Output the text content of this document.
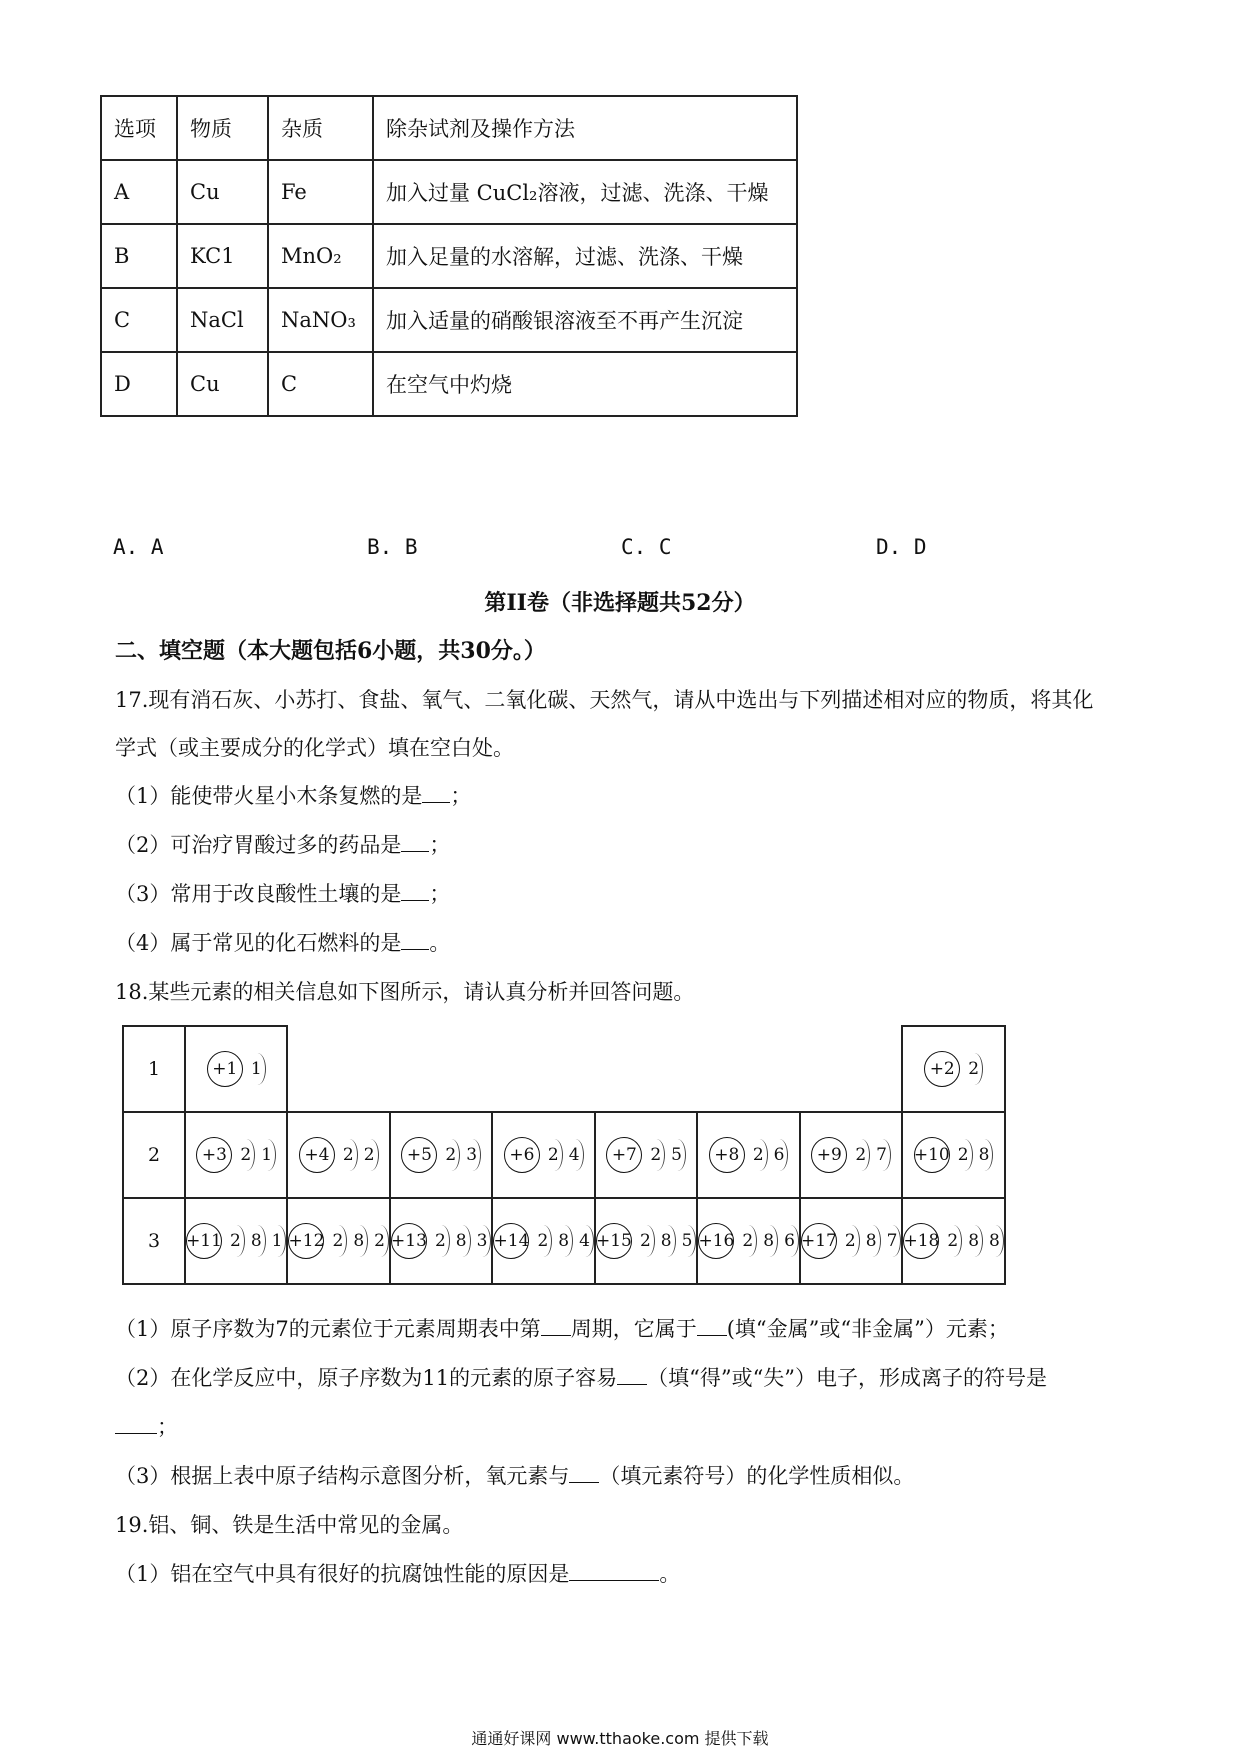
选项	物质	杂质	除杂试剂及操作方法
A	Cu	Fe	加入过量 CuCl₂溶液，过滤、洗涤、干燥
B	KC1	MnO₂	加入足量的水溶解，过滤、洗涤、干燥
C	NaCl	NaNO₃	加入适量的硝酸银溶液至不再产生沉淀
D	Cu	C	在空气中灼烧
A. A	B. B	C. C	D. D
第II卷（非选择题共52分）
二、填空题（本大题包括6小题，共30分。）
17.现有消石灰、小苏打、食盐、氧气、二氧化碳、天然气，请从中选出与下列描述相对应的物质，将其化
学式（或主要成分的化学式）填在空白处。
（1）能使带火星小木条复燃的是 ；
（2）可治疗胃酸过多的药品是 ；
（3）常用于改良酸性土壤的是 ；
（4）属于常见的化石燃料的是 。
18.某些元素的相关信息如下图所示，请认真分析并回答问题。
1	+1 1							+2 2

2	+3 2 1	+4 2 2	+5 2 3	+6 2 4	+7 2 5	+8 2 6	+9 2 7	+10 2 8

3	+11 2 8 1	+12 2 8 2	+13 2 8 3	+14 2 8 4	+15 2 8 5	+16 2 8 6	+17 2 8 7	+18 2 8 8
（1）原子序数为7的元素位于元素周期表中第 周期，它属于 (填“金属”或“非金属”）元素；
（2）在化学反应中，原子序数为11的元素的原子容易 （填“得”或“失”）电子，形成离子的符号是
；
（3）根据上表中原子结构示意图分析，氧元素与 （填元素符号）的化学性质相似。
19.铝、铜、铁是生活中常见的金属。
（1）铝在空气中具有很好的抗腐蚀性能的原因是	。
通通好课网 www.tthaoke.com 提供下载
